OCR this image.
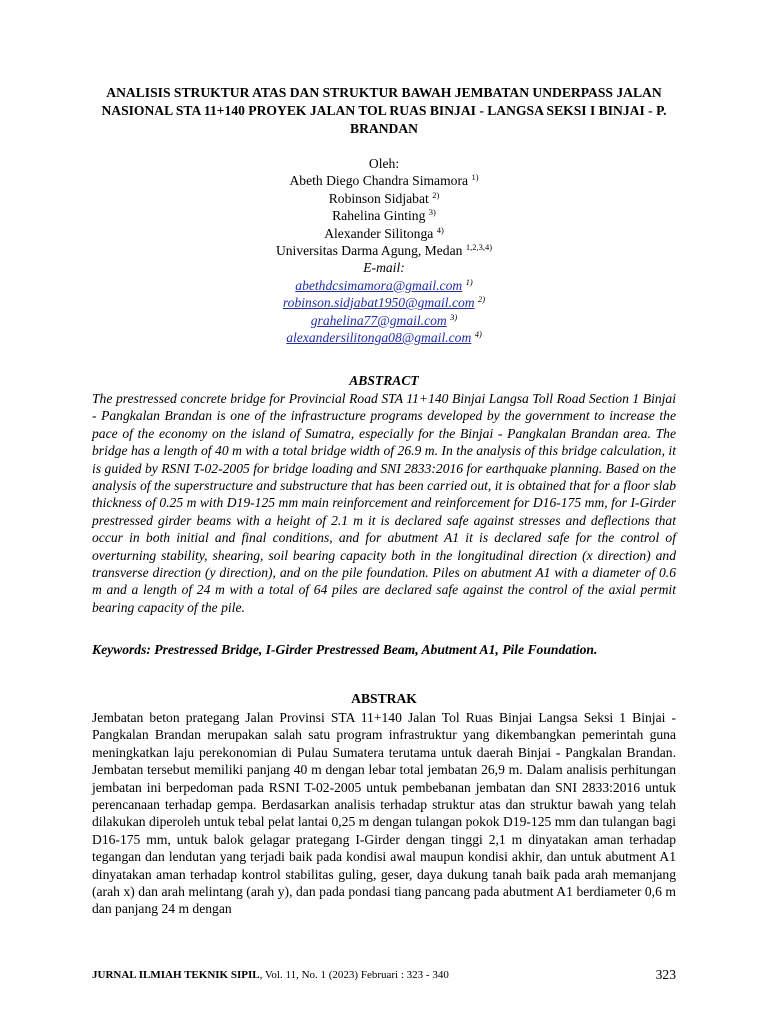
ANALISIS STRUKTUR ATAS DAN STRUKTUR BAWAH JEMBATAN UNDERPASS JALAN NASIONAL STA 11+140 PROYEK JALAN TOL RUAS BINJAI - LANGSA SEKSI I BINJAI - P. BRANDAN
Oleh:
Abeth Diego Chandra Simamora $^{1)}$
Robinson Sidjabat $^{2)}$
Rahelina Ginting $^{3)}$
Alexander Silitonga $^{4)}$
Universitas Darma Agung, Medan $^{1,2,3,4)}$
E-mail:
abethdcsimamora@gmail.com $^{1)}$
robinson.sidjabat1950@gmail.com $^{2)}$
grahelina77@gmail.com $^{3)}$
alexandersilitonga08@gmail.com $^{4)}$
ABSTRACT
The prestressed concrete bridge for Provincial Road STA 11+140 Binjai Langsa Toll Road Section 1 Binjai - Pangkalan Brandan is one of the infrastructure programs developed by the government to increase the pace of the economy on the island of Sumatra, especially for the Binjai - Pangkalan Brandan area. The bridge has a length of 40 m with a total bridge width of 26.9 m. In the analysis of this bridge calculation, it is guided by RSNI T-02-2005 for bridge loading and SNI 2833:2016 for earthquake planning. Based on the analysis of the superstructure and substructure that has been carried out, it is obtained that for a floor slab thickness of 0.25 m with D19-125 mm main reinforcement and reinforcement for D16-175 mm, for I-Girder prestressed girder beams with a height of 2.1 m it is declared safe against stresses and deflections that occur in both initial and final conditions, and for abutment A1 it is declared safe for the control of overturning stability, shearing, soil bearing capacity both in the longitudinal direction (x direction) and transverse direction (y direction), and on the pile foundation. Piles on abutment A1 with a diameter of 0.6 m and a length of 24 m with a total of 64 piles are declared safe against the control of the axial permit bearing capacity of the pile.
Keywords: Prestressed Bridge, I-Girder Prestressed Beam, Abutment A1, Pile Foundation.
ABSTRAK
Jembatan beton prategang Jalan Provinsi STA 11+140 Jalan Tol Ruas Binjai Langsa Seksi 1 Binjai - Pangkalan Brandan merupakan salah satu program infrastruktur yang dikembangkan pemerintah guna meningkatkan laju perekonomian di Pulau Sumatera terutama untuk daerah Binjai - Pangkalan Brandan. Jembatan tersebut memiliki panjang 40 m dengan lebar total jembatan 26,9 m. Dalam analisis perhitungan jembatan ini berpedoman pada RSNI T-02-2005 untuk pembebanan jembatan dan SNI 2833:2016 untuk perencanaan terhadap gempa. Berdasarkan analisis terhadap struktur atas dan struktur bawah yang telah dilakukan diperoleh untuk tebal pelat lantai 0,25 m dengan tulangan pokok D19-125 mm dan tulangan bagi D16-175 mm, untuk balok gelagar prategang I-Girder dengan tinggi 2,1 m dinyatakan aman terhadap tegangan dan lendutan yang terjadi baik pada kondisi awal maupun kondisi akhir, dan untuk abutment A1 dinyatakan aman terhadap kontrol stabilitas guling, geser, daya dukung tanah baik pada arah memanjang (arah x) dan arah melintang (arah y), dan pada pondasi tiang pancang pada abutment A1 berdiameter 0,6 m dan panjang 24 m dengan
JURNAL ILMIAH TEKNIK SIPIL, Vol. 11, No. 1 (2023) Februari : 323 - 340	323
